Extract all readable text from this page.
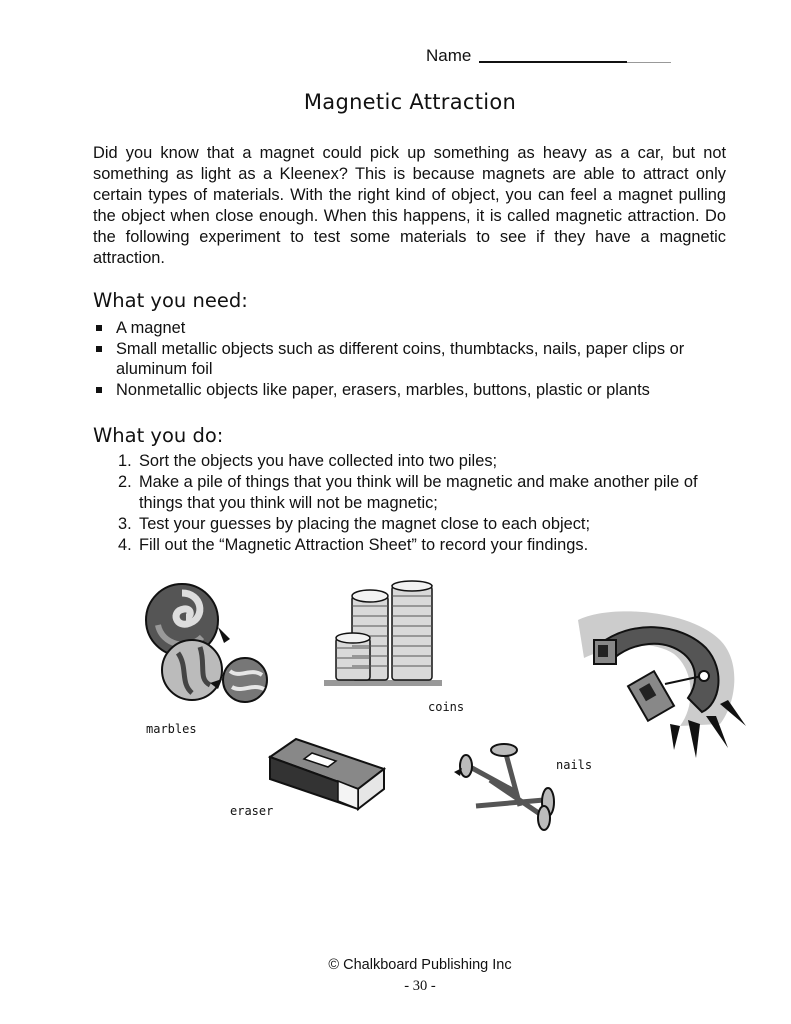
Name
Magnetic Attraction
Did you know that a magnet could pick up something as heavy as a car, but not something as light as a Kleenex? This is because magnets are able to attract only certain types of materials. With the right kind of object, you can feel a magnet pulling the object when close enough. When this happens, it is called magnetic attraction. Do the following experiment to test some materials to see if they have a magnetic attraction.
What you need:
A magnet
Small metallic objects such as different coins, thumbtacks, nails, paper clips or aluminum foil
Nonmetallic objects like paper, erasers, marbles, buttons, plastic or plants
What you do:
1. Sort the objects you have collected into two piles;
2. Make a pile of things that you think will be magnetic and make another pile of things that you think will not be magnetic;
3. Test your guesses by placing the magnet close to each object;
4. Fill out the “Magnetic Attraction Sheet” to record your findings.
marbles
coins
eraser
nails
© Chalkboard Publishing Inc
- 30 -
